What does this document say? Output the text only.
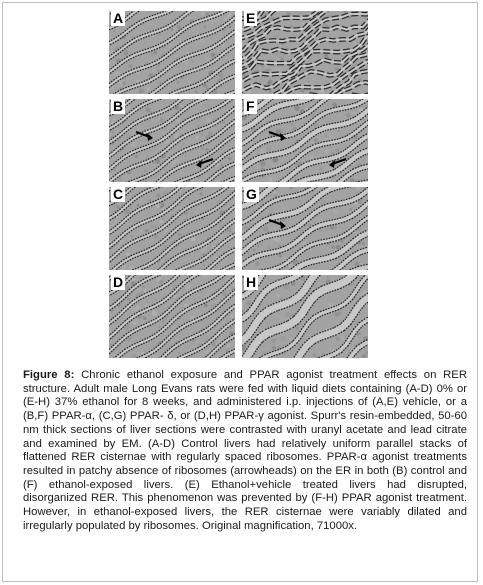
A	E
B	F
C	G
D	H
Figure 8: Chronic ethanol exposure and PPAR agonist treatment effects on RER structure. Adult male Long Evans rats were fed with liquid diets containing (A-D) 0% or (E-H) 37% ethanol for 8 weeks, and administered i.p. injections of (A,E) vehicle, or a (B,F) PPAR-α, (C,G) PPAR- δ, or (D,H) PPAR-γ agonist. Spurr's resin-embedded, 50-60 nm thick sections of liver sections were contrasted with uranyl acetate and lead citrate and examined by EM. (A-D) Control livers had relatively uniform parallel stacks of flattened RER cisternae with regularly spaced ribosomes. PPAR-α agonist treatments resulted in patchy absence of ribosomes (arrowheads) on the ER in both (B) control and (F) ethanol-exposed livers. (E) Ethanol+vehicle treated livers had disrupted, disorganized RER. This phenomenon was prevented by (F-H) PPAR agonist treatment. However, in ethanol-exposed livers, the RER cisternae were variably dilated and irregularly populated by ribosomes. Original magnification, 71000x.
